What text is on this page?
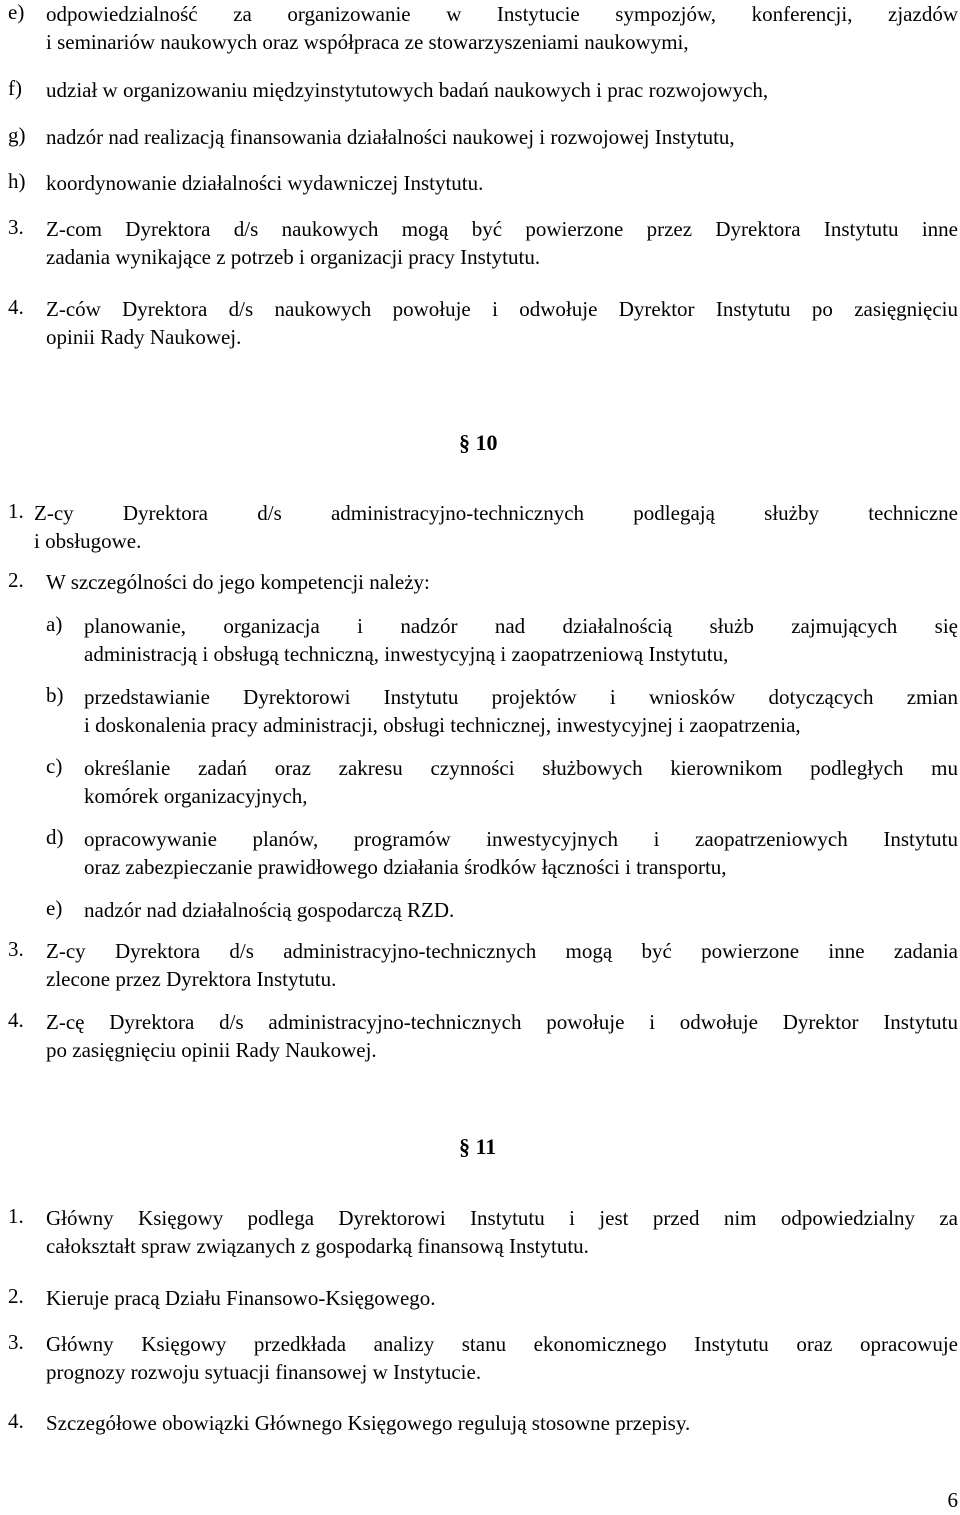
e)	odpowiedzialność za organizowanie w Instytucie sympozjów, konferencji, zjazdów
i seminariów naukowych oraz współpraca ze stowarzyszeniami naukowymi,
f)	udział w organizowaniu międzyinstytutowych badań naukowych i prac rozwojowych,
g) nadzór nad realizacją finansowania działalności naukowej i rozwojowej Instytutu,
h) koordynowanie działalności wydawniczej Instytutu.
3.	Z-com Dyrektora d/s naukowych mogą być powierzone przez Dyrektora Instytutu inne
zadania wynikające z potrzeb i organizacji pracy Instytutu.
4.	Z-ców Dyrektora d/s naukowych powołuje i odwołuje Dyrektor Instytutu po zasięgnięciu
opinii Rady Naukowej.
§ 10
1. Z-cy Dyrektora d/s administracyjno-technicznych podlegają służby techniczne
i obsługowe.
2.	W szczególności do jego kompetencji należy:
a)	planowanie, organizacja i nadzór nad działalnością służb zajmujących się
administracją i obsługą techniczną, inwestycyjną i zaopatrzeniową Instytutu,
b) przedstawianie Dyrektorowi Instytutu projektów i wniosków dotyczących zmian
i doskonalenia pracy administracji, obsługi technicznej, inwestycyjnej i zaopatrzenia,
c)	określanie zadań oraz zakresu czynności służbowych kierownikom podległych mu
komórek organizacyjnych,
d) opracowywanie planów, programów inwestycyjnych i zaopatrzeniowych Instytutu
oraz zabezpieczanie prawidłowego działania środków łączności i transportu,
e)	nadzór nad działalnością gospodarczą RZD.
3.	Z-cy Dyrektora d/s administracyjno-technicznych mogą być powierzone inne zadania
zlecone przez Dyrektora Instytutu.
4.	Z-cę Dyrektora d/s administracyjno-technicznych powołuje i odwołuje Dyrektor Instytutu
po zasięgnięciu opinii Rady Naukowej.
§ 11
1.	Główny Księgowy podlega Dyrektorowi Instytutu i jest przed nim odpowiedzialny za
całokształt spraw związanych z gospodarką finansową Instytutu.
2.	Kieruje pracą Działu Finansowo-Księgowego.
3.	Główny Księgowy przedkłada analizy stanu ekonomicznego Instytutu oraz opracowuje
prognozy rozwoju sytuacji finansowej w Instytucie.
4.	Szczegółowe obowiązki Głównego Księgowego regulują stosowne przepisy.
6
